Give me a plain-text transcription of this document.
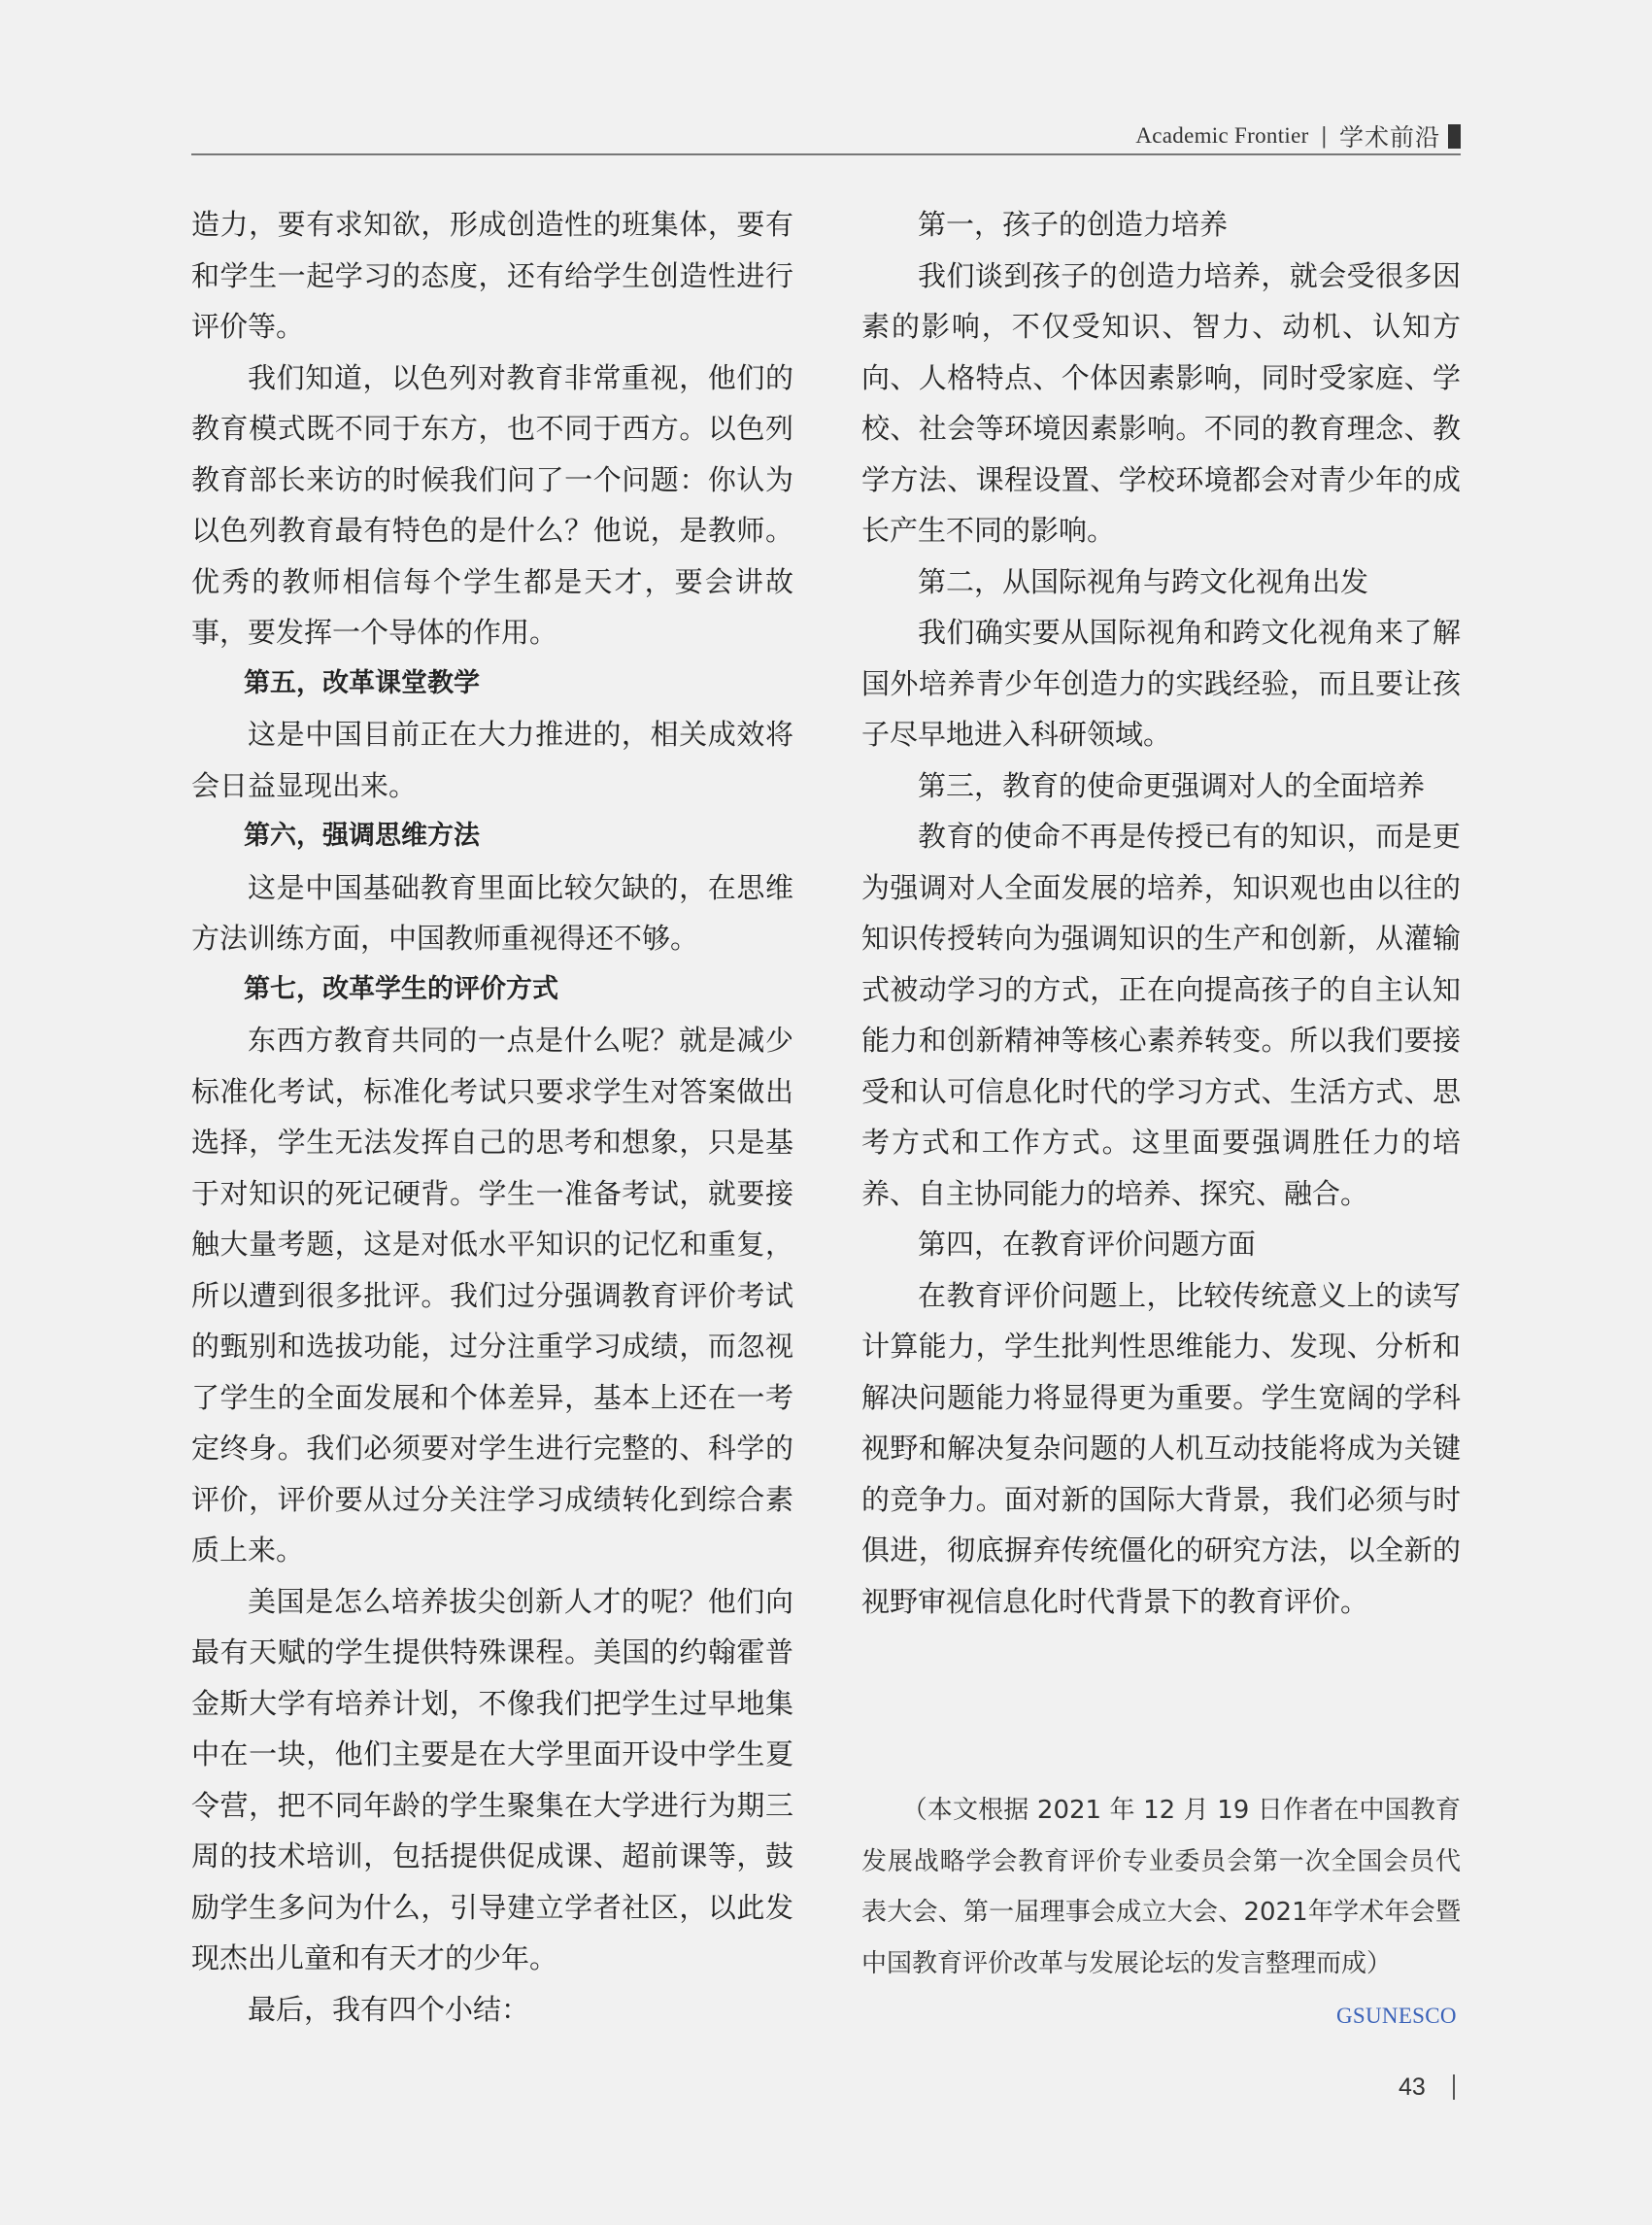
Academic Frontier | 学术前沿

造力，要有求知欲，形成创造性的班集体，要有和学生一起学习的态度，还有给学生创造性进行评价等。

我们知道，以色列对教育非常重视，他们的教育模式既不同于东方，也不同于西方。以色列教育部长来访的时候我们问了一个问题：你认为以色列教育最有特色的是什么？他说，是教师。优秀的教师相信每个学生都是天才，要会讲故事，要发挥一个导体的作用。

第五，改革课堂教学

这是中国目前正在大力推进的，相关成效将会日益显现出来。

第六，强调思维方法

这是中国基础教育里面比较欠缺的，在思维方法训练方面，中国教师重视得还不够。

第七，改革学生的评价方式

东西方教育共同的一点是什么呢？就是减少标准化考试，标准化考试只要求学生对答案做出选择，学生无法发挥自己的思考和想象，只是基于对知识的死记硬背。学生一准备考试，就要接触大量考题，这是对低水平知识的记忆和重复，所以遭到很多批评。我们过分强调教育评价考试的甄别和选拔功能，过分注重学习成绩，而忽视了学生的全面发展和个体差异，基本上还在一考定终身。我们必须要对学生进行完整的、科学的评价，评价要从过分关注学习成绩转化到综合素质上来。

美国是怎么培养拔尖创新人才的呢？他们向最有天赋的学生提供特殊课程。美国的约翰霍普金斯大学有培养计划，不像我们把学生过早地集中在一块，他们主要是在大学里面开设中学生夏令营，把不同年龄的学生聚集在大学进行为期三周的技术培训，包括提供促成课、超前课等，鼓励学生多问为什么，引导建立学者社区，以此发现杰出儿童和有天才的少年。

最后，我有四个小结：

第一，孩子的创造力培养

我们谈到孩子的创造力培养，就会受很多因素的影响，不仅受知识、智力、动机、认知方向、人格特点、个体因素影响，同时受家庭、学校、社会等环境因素影响。不同的教育理念、教学方法、课程设置、学校环境都会对青少年的成长产生不同的影响。

第二，从国际视角与跨文化视角出发

我们确实要从国际视角和跨文化视角来了解国外培养青少年创造力的实践经验，而且要让孩子尽早地进入科研领域。

第三，教育的使命更强调对人的全面培养

教育的使命不再是传授已有的知识，而是更为强调对人全面发展的培养，知识观也由以往的知识传授转向为强调知识的生产和创新，从灌输式被动学习的方式，正在向提高孩子的自主认知能力和创新精神等核心素养转变。所以我们要接受和认可信息化时代的学习方式、生活方式、思考方式和工作方式。这里面要强调胜任力的培养、自主协同能力的培养、探究、融合。

第四，在教育评价问题方面

在教育评价问题上，比较传统意义上的读写计算能力，学生批判性思维能力、发现、分析和解决问题能力将显得更为重要。学生宽阔的学科视野和解决复杂问题的人机互动技能将成为关键的竞争力。面对新的国际大背景，我们必须与时俱进，彻底摒弃传统僵化的研究方法，以全新的视野审视信息化时代背景下的教育评价。

（本文根据 2021 年 12 月 19 日作者在中国教育发展战略学会教育评价专业委员会第一次全国会员代表大会、第一届理事会成立大会、2021年学术年会暨中国教育评价改革与发展论坛的发言整理而成）
GSUNESCO
43
